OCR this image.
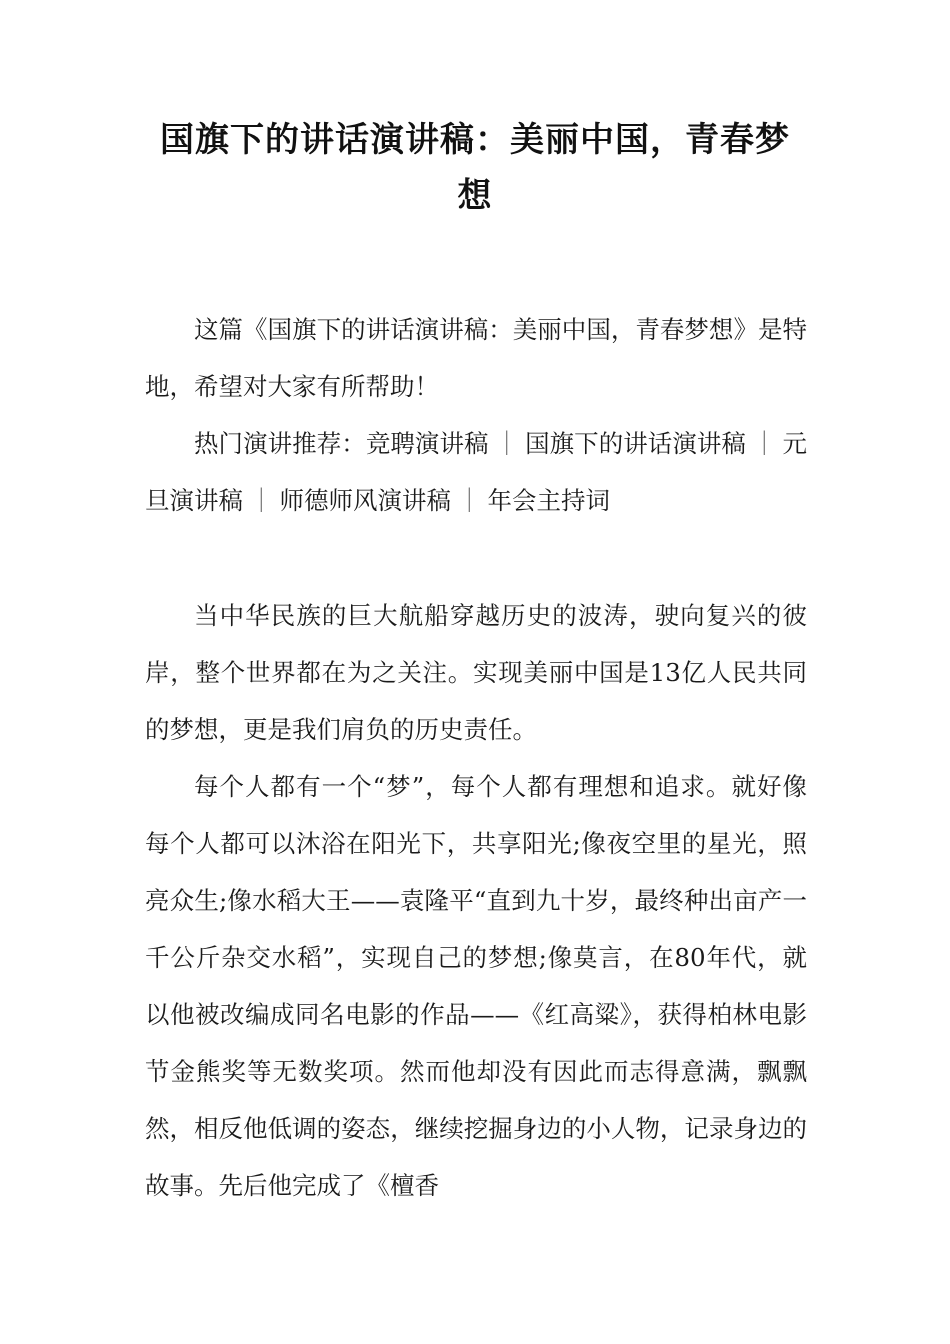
国旗下的讲话演讲稿：美丽中国，青春梦
想

这篇《国旗下的讲话演讲稿：美丽中国，青春梦想》是特地，希望对大家有所帮助！

热门演讲推荐：竞聘演讲稿 ｜ 国旗下的讲话演讲稿 ｜ 元旦演讲稿 ｜ 师德师风演讲稿 ｜ 年会主持词

当中华民族的巨大航船穿越历史的波涛，驶向复兴的彼岸，整个世界都在为之关注。实现美丽中国是13亿人民共同的梦想，更是我们肩负的历史责任。

每个人都有一个“梦”，每个人都有理想和追求。就好像每个人都可以沐浴在阳光下，共享阳光;像夜空里的星光，照亮众生;像水稻大王——袁隆平“直到九十岁，最终种出亩产一千公斤杂交水稻”，实现自己的梦想;像莫言，在80年代，就以他被改编成同名电影的作品——《红高粱》，获得柏林电影节金熊奖等无数奖项。然而他却没有因此而志得意满，飘飘然，相反他低调的姿态，继续挖掘身边的小人物，记录身边的故事。先后他完成了《檀香
